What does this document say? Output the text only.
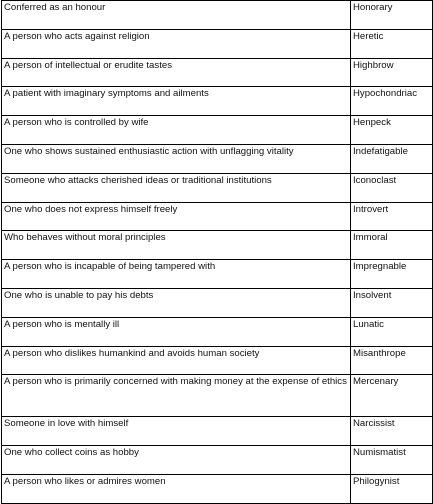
Conferred as an honour	Honorary
A person who acts against religion	Heretic
A person of intellectual or erudite tastes	Highbrow
A patient with imaginary symptoms and ailments	Hypochondriac
A person who is controlled by wife	Henpeck
One who shows sustained enthusiastic action with unflagging vitality	Indefatigable
Someone who attacks cherished ideas or traditional institutions	Iconoclast
One who does not express himself freely	Introvert
Who behaves without moral principles	Immoral
A person who is incapable of being tampered with	Impregnable
One who is unable to pay his debts	Insolvent
A person who is mentally ill	Lunatic
A person who dislikes humankind and avoids human society	Misanthrope
A person who is primarily concerned with making money at the expense of ethics	Mercenary
Someone in love with himself	Narcissist
One who collect coins as hobby	Numismatist
A person who likes or admires women	Philogynist
